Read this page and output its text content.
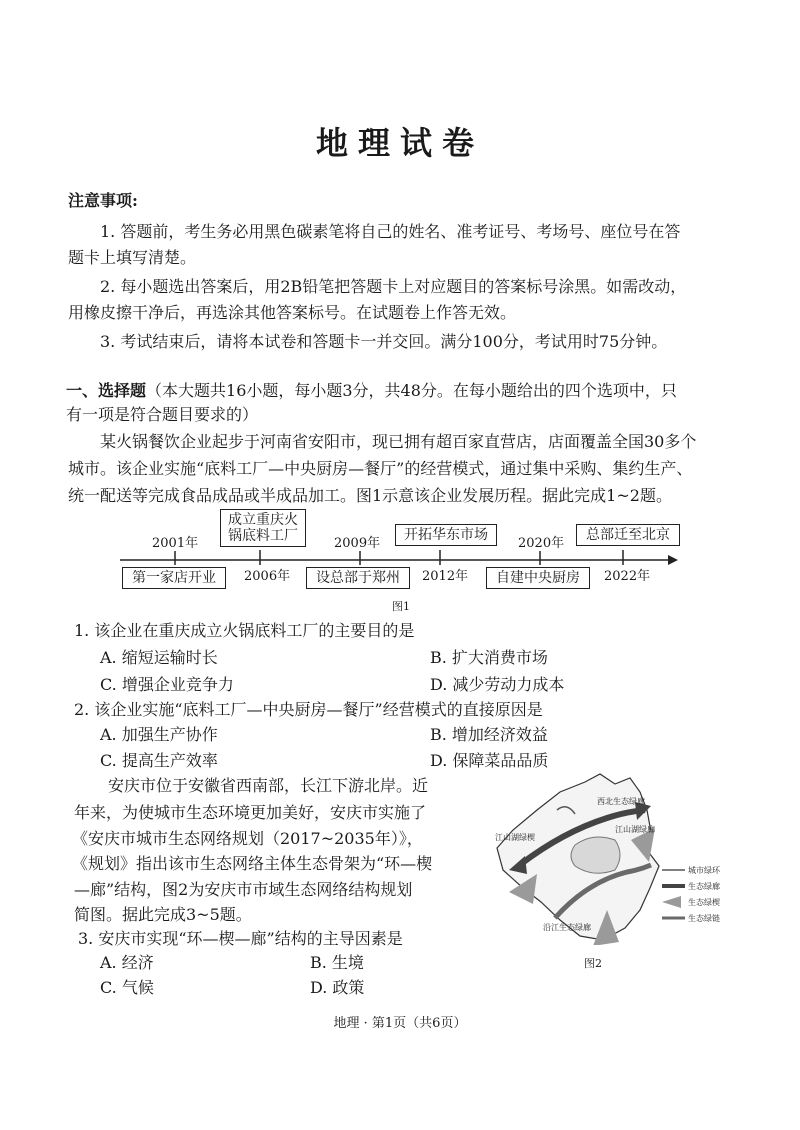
地理试卷
注意事项:
1. 答题前，考生务必用黑色碳素笔将自己的姓名、准考证号、考场号、座位号在答
题卡上填写清楚。
2. 每小题选出答案后，用2B铅笔把答题卡上对应题目的答案标号涂黑。如需改动，
用橡皮擦干净后，再选涂其他答案标号。在试题卷上作答无效。
3. 考试结束后，请将本试卷和答题卡一并交回。满分100分，考试用时75分钟。
一、选择题（本大题共16小题，每小题3分，共48分。在每小题给出的四个选项中，只
有一项是符合题目要求的）
某火锅餐饮企业起步于河南省安阳市，现已拥有超百家直营店，店面覆盖全国30多个
城市。该企业实施“底料工厂—中央厨房—餐厅”的经营模式，通过集中采购、集约生产、
统一配送等完成食品成品或半成品加工。图1示意该企业发展历程。据此完成1~2题。
2001年
第一家店开业
成立重庆火
锅底料工厂
2006年
2009年
设总部于郑州
开拓华东市场
2012年
2020年
自建中央厨房
总部迁至北京
2022年
图1
1. 该企业在重庆成立火锅底料工厂的主要目的是
A. 缩短运输时长	B. 扩大消费市场
C. 增强企业竞争力	D. 减少劳动力成本
2. 该企业实施“底料工厂—中央厨房—餐厅”经营模式的直接原因是
A. 加强生产协作	B. 增加经济效益
C. 提高生产效率	D. 保障菜品品质
安庆市位于安徽省西南部，长江下游北岸。近
年来，为使城市生态环境更加美好，安庆市实施了
《安庆市城市生态网络规划（2017~2035年）》，
《规划》指出该市生态网络主体生态骨架为“环—楔
—廊”结构，图2为安庆市市域生态网络结构规划
简图。据此完成3~5题。
江山湖绿楔
西北生态绿廊
江山湖绿廊
沿江生态绿廊
城市绿环
生态绿廊
生态绿楔
生态绿链
图2
3. 安庆市实现“环—楔—廊”结构的主导因素是
A. 经济	B. 生境
C. 气候	D. 政策
地理 · 第1页（共6页）
